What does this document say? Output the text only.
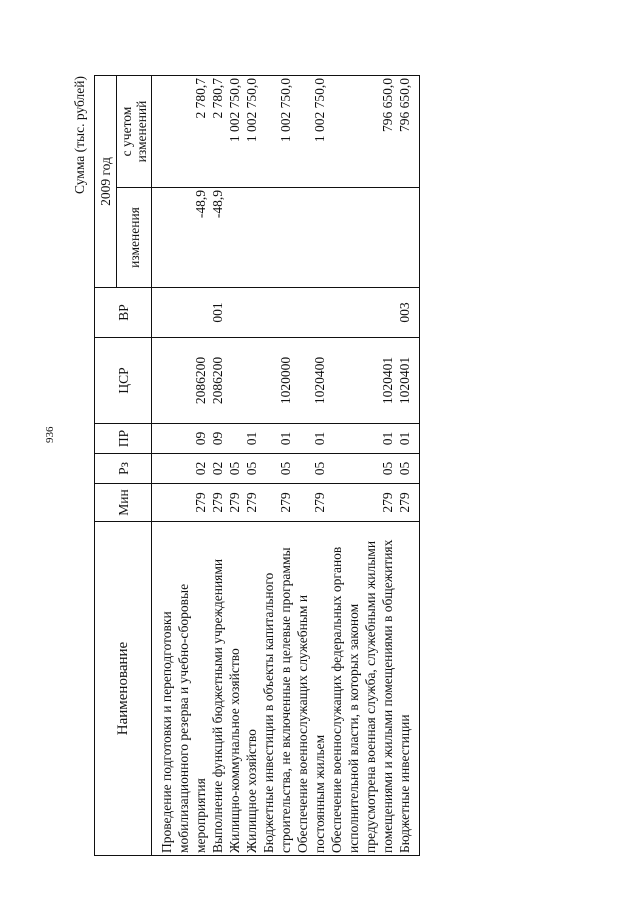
936
Сумма (тыс. рублей)
Наименование	Мин	Рз	ПР	ЦСР	ВР	2009 год	
						изменения	с учетом изменений
Проведение подготовки и переподготовки мобилизационного резерва и учебно-сборовые мероприятия	279	02	09	2086200		-48,9	2 780,7
Выполнение функций бюджетными учреждениями	279	02	09	2086200	001	-48,9	2 780,7
Жилищно-коммунальное хозяйство	279	05					1 002 750,0
Жилищное хозяйство	279	05	01				1 002 750,0
Бюджетные инвестиции в объекты капитального строительства, не включенные в целевые программы	279	05	01	1020000			1 002 750,0
Обеспечение военнослужащих служебным и постоянным жильем	279	05	01	1020400			1 002 750,0
Обеспечение военнослужащих федеральных органов исполнительной власти, в которых законом предусмотрена военная служба, служебными жилыми помещениями и жилыми помещениями в общежитиях	279	05	01	1020401			796 650,0
Бюджетные инвестиции	279	05	01	1020401	003		796 650,0
